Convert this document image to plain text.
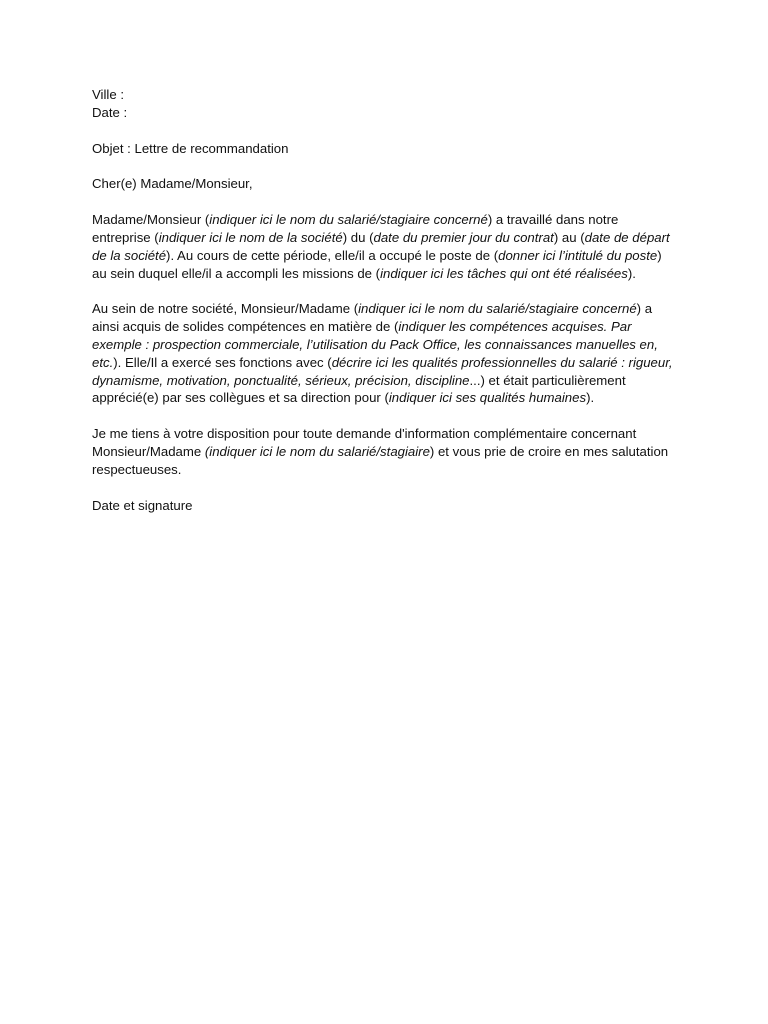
Ville :

Date :

Objet : Lettre de recommandation

Cher(e) Madame/Monsieur,

Madame/Monsieur (indiquer ici le nom du salarié/stagiaire concerné) a travaillé dans notre entreprise (indiquer ici le nom de la société) du (date du premier jour du contrat) au (date de départ de la société). Au cours de cette période, elle/il a occupé le poste de (donner ici l’intitulé du poste) au sein duquel elle/il a accompli les missions de (indiquer ici les tâches qui ont été réalisées).

Au sein de notre société, Monsieur/Madame (indiquer ici le nom du salarié/stagiaire concerné) a ainsi acquis de solides compétences en matière de (indiquer les compétences acquises. Par exemple : prospection commerciale, l’utilisation du Pack Office, les connaissances manuelles en, etc.). Elle/Il a exercé ses fonctions avec (décrire ici les qualités professionnelles du salarié : rigueur, dynamisme, motivation, ponctualité, sérieux, précision, discipline...) et était particulièrement apprécié(e) par ses collègues et sa direction pour (indiquer ici ses qualités humaines).

Je me tiens à votre disposition pour toute demande d'information complémentaire concernant Monsieur/Madame (indiquer ici le nom du salarié/stagiaire) et vous prie de croire en mes salutation respectueuses.

Date et signature
